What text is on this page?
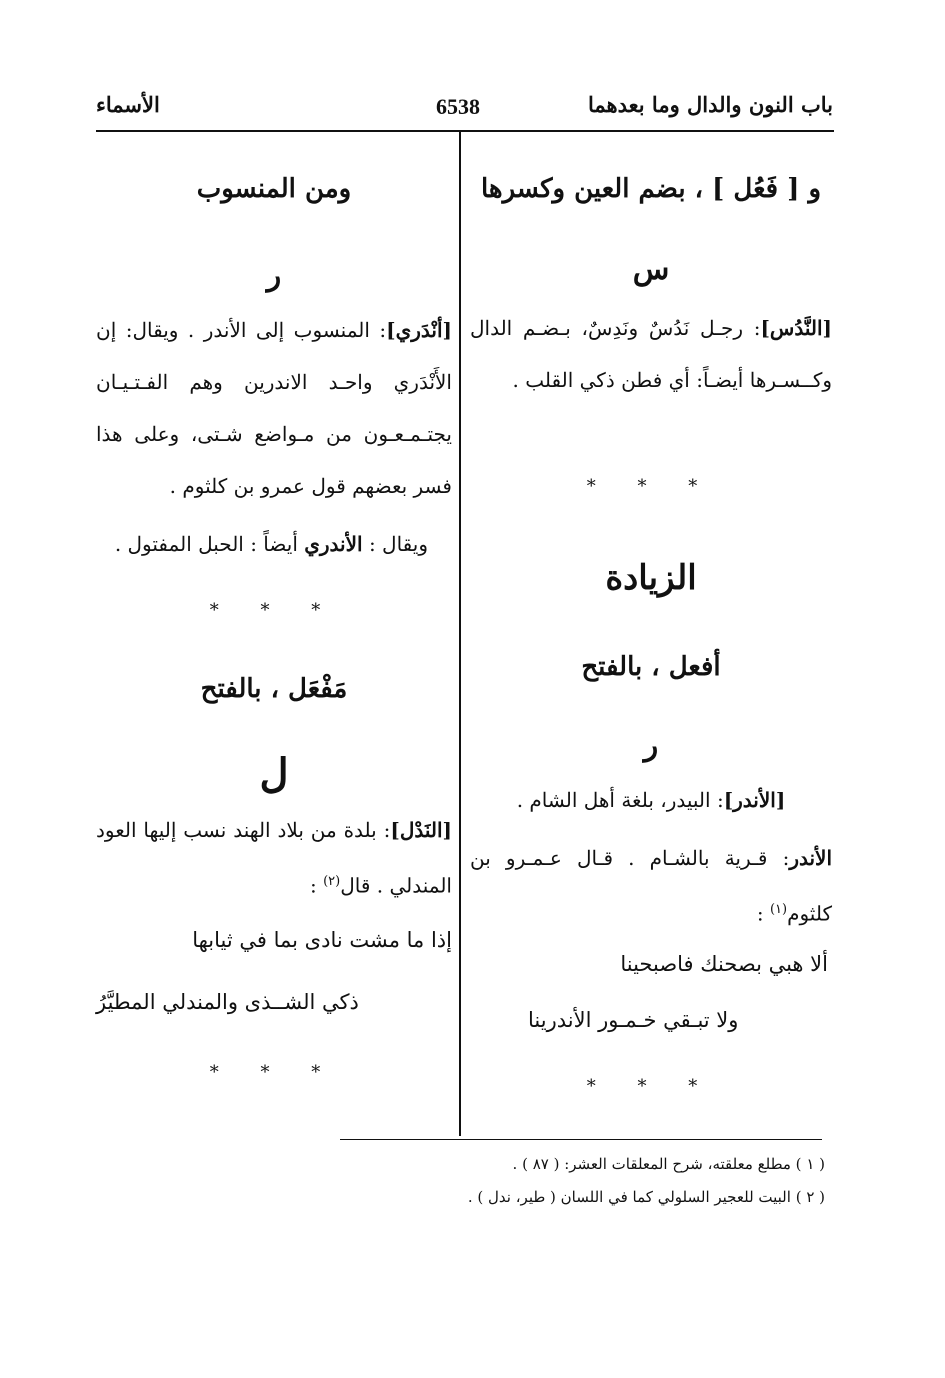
باب النون والدال وما بعدهما
6538
الأسماء
و [ فَعُل ] ، بضم العين وكسرها
س
[النَّدُس]: رجـل نَدُسٌ ونَدِسٌ، بـضـم الدال وكــسـرها أيضـاً: أي فطن ذكي القلب .
* * *
الزيادة
أفعل ، بالفتح
ر
[الأندر]: البيدر، بلغة أهل الشام .
الأندر: قـرية بالشـام . قـال عـمـرو بن كلثوم$^{(١)}$ :
ألا هبي بصحنك فاصبحينا
ولا تبـقي خـمـور الأندرينا
* * *
ومن المنسوب
ر
[أنْدَري]: المنسوب إلى الأندر . ويقال: إن الأَنْدَري واحـد الاندرين وهم الفـتـيـان يجتـمـعـون من مـواضع شـتى، وعلى هذا فسر بعضهم قول عمرو بن كلثوم .
ويقال : الأندري أيضاً : الحبل المفتول .
* * *
مَفْعَل ، بالفتح
ل
[النَدْل]: بلدة من بلاد الهند نسب إليها العود المندلي . قال$^{(٢)}$ :
إذا ما مشت نادى بما في ثيابها
ذكي الشــذى والمندلي المطيَّرُ
* * *
( ١ ) مطلع معلقته، شرح المعلقات العشر: ( ٨٧ ) .
( ٢ ) البيت للعجير السلولي كما في اللسان ( طير، ندل ) .
